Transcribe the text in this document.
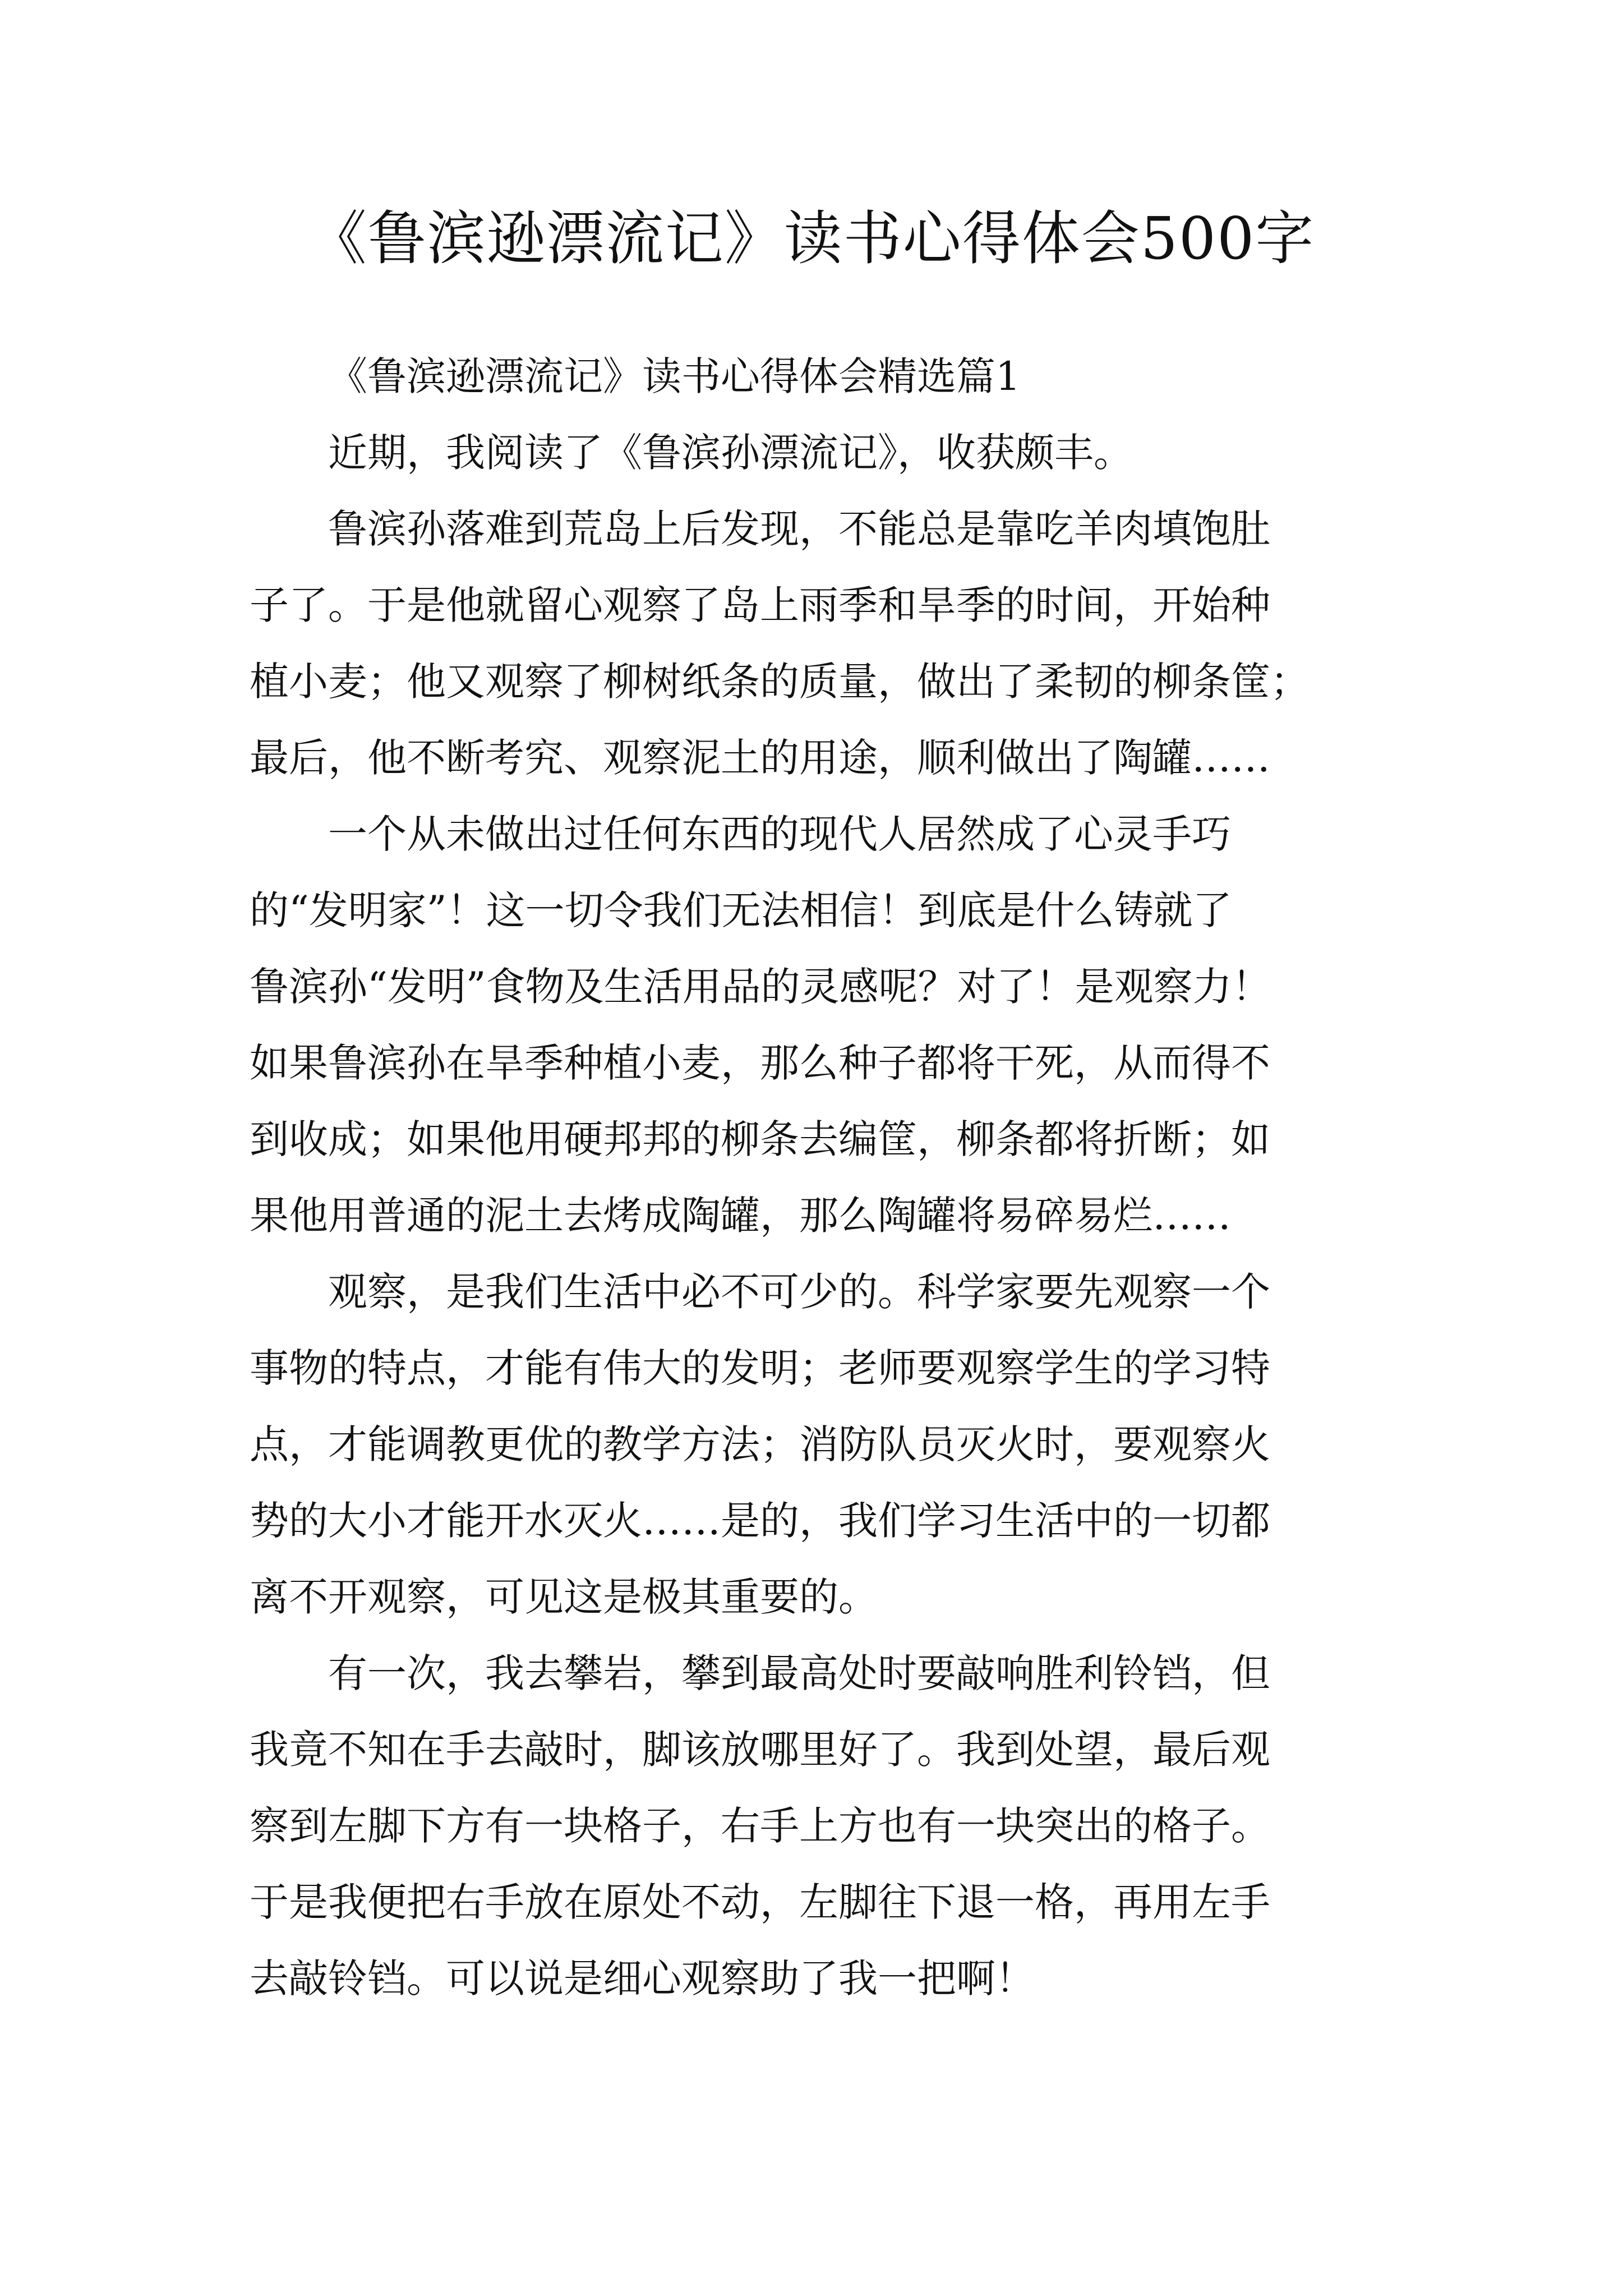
《鲁滨逊漂流记》读书心得体会500字
《鲁滨逊漂流记》读书心得体会精选篇1
近期，我阅读了《鲁滨孙漂流记》，收获颇丰。
鲁滨孙落难到荒岛上后发现，不能总是靠吃羊肉填饱肚
子了。于是他就留心观察了岛上雨季和旱季的时间，开始种
植小麦；他又观察了柳树纸条的质量，做出了柔韧的柳条筐；
最后，他不断考究、观察泥土的用途，顺利做出了陶罐……
一个从未做出过任何东西的现代人居然成了心灵手巧
的“发明家”！这一切令我们无法相信！到底是什么铸就了
鲁滨孙“发明”食物及生活用品的灵感呢？对了！是观察力！
如果鲁滨孙在旱季种植小麦，那么种子都将干死，从而得不
到收成；如果他用硬邦邦的柳条去编筐，柳条都将折断；如
果他用普通的泥土去烤成陶罐，那么陶罐将易碎易烂……
观察，是我们生活中必不可少的。科学家要先观察一个
事物的特点，才能有伟大的发明；老师要观察学生的学习特
点，才能调教更优的教学方法；消防队员灭火时，要观察火
势的大小才能开水灭火……是的，我们学习生活中的一切都
离不开观察，可见这是极其重要的。
有一次，我去攀岩，攀到最高处时要敲响胜利铃铛，但
我竟不知在手去敲时，脚该放哪里好了。我到处望，最后观
察到左脚下方有一块格子，右手上方也有一块突出的格子。
于是我便把右手放在原处不动，左脚往下退一格，再用左手
去敲铃铛。可以说是细心观察助了我一把啊！
